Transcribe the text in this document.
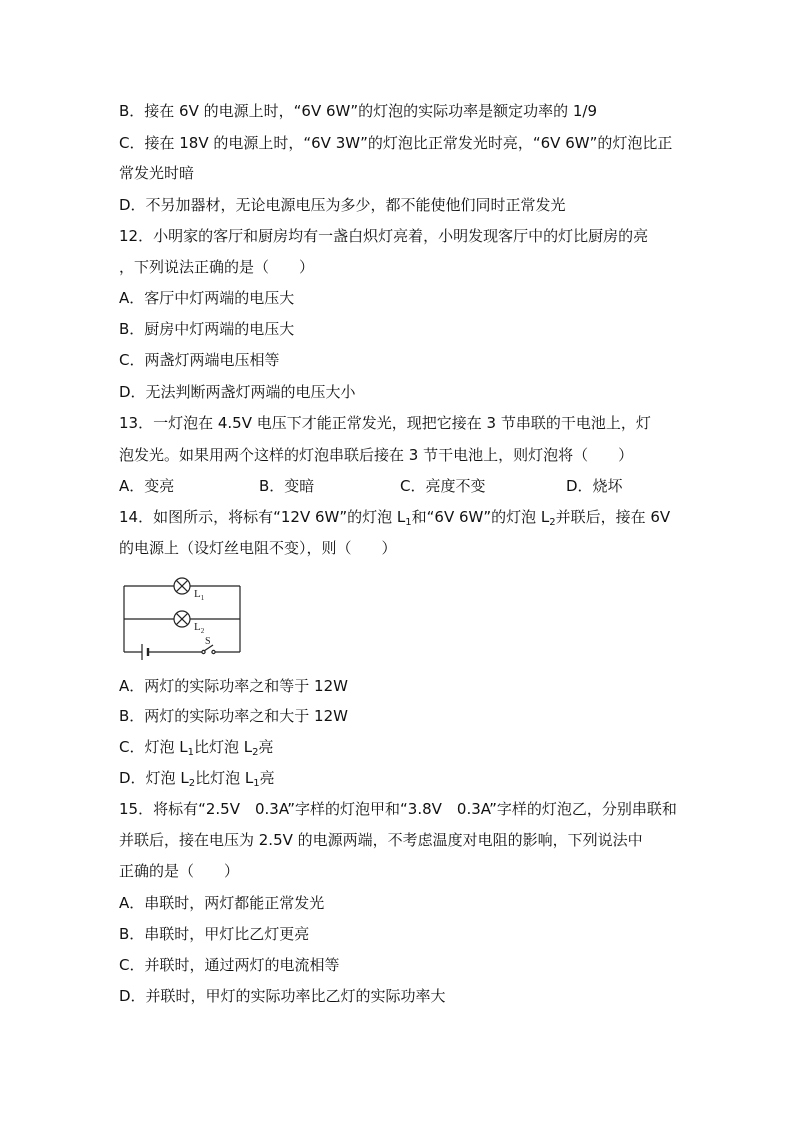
B．接在 6V 的电源上时，“6V 6W”的灯泡的实际功率是额定功率的 1/9
C．接在 18V 的电源上时，“6V 3W”的灯泡比正常发光时亮，“6V 6W”的灯泡比正
常发光时暗
D．不另加器材，无论电源电压为多少，都不能使他们同时正常发光
12．小明家的客厅和厨房均有一盏白炽灯亮着，小明发现客厅中的灯比厨房的亮
，下列说法正确的是（　　）
A．客厅中灯两端的电压大
B．厨房中灯两端的电压大
C．两盏灯两端电压相等
D．无法判断两盏灯两端的电压大小
13．一灯泡在 4.5V 电压下才能正常发光，现把它接在 3 节串联的干电池上，灯
泡发光。如果用两个这样的灯泡串联后接在 3 节干电池上，则灯泡将（　　）
A．变亮	B．变暗	C．亮度不变	D．烧坏
14．如图所示，将标有“12V 6W”的灯泡 $L_1$和“6V 6W”的灯泡 $L_2$并联后，接在 6V
的电源上（设灯丝电阻不变），则（　　）
$L_1$
$L_2$
S
A．两灯的实际功率之和等于 12W
B．两灯的实际功率之和大于 12W
C．灯泡 $L_1$比灯泡 $L_2$亮
D．灯泡 $L_2$比灯泡 $L_1$亮
15．将标有“2.5V　0.3A”字样的灯泡甲和“3.8V　0.3A”字样的灯泡乙，分别串联和
并联后，接在电压为 2.5V 的电源两端，不考虑温度对电阻的影响，下列说法中
正确的是（　　）
A．串联时，两灯都能正常发光
B．串联时，甲灯比乙灯更亮
C．并联时，通过两灯的电流相等
D．并联时，甲灯的实际功率比乙灯的实际功率大
